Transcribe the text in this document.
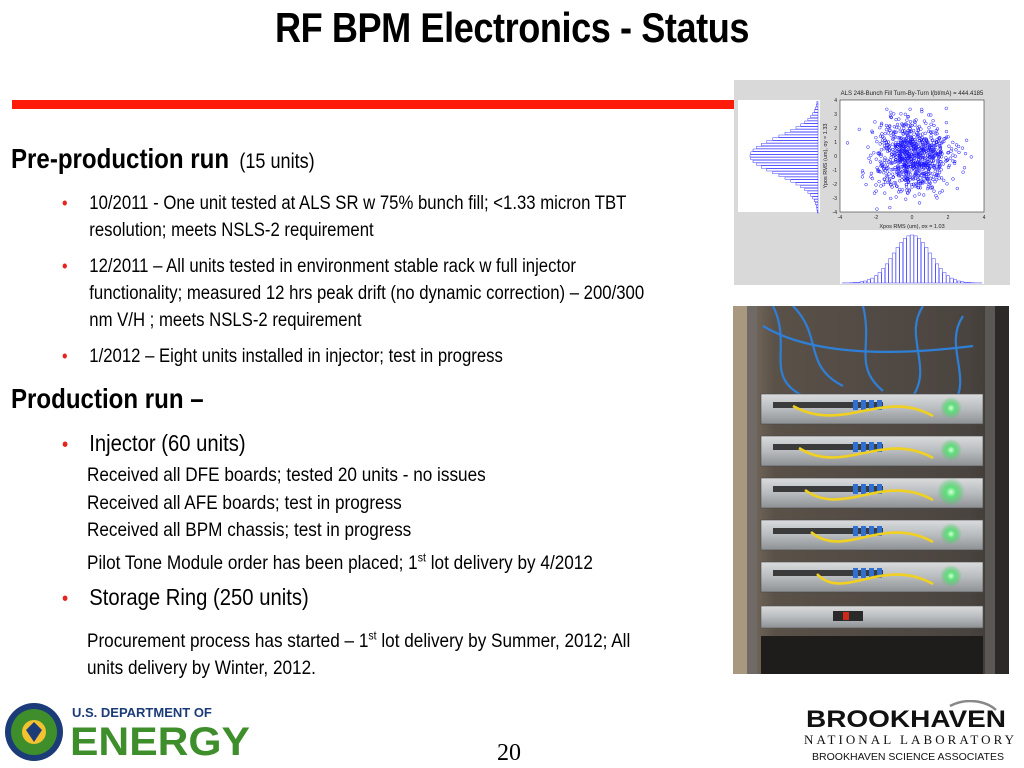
RF BPM Electronics - Status
Pre-production run (15 units)
• 10/2011 - One unit tested at ALS SR w 75% bunch fill; <1.33 micron TBT
resolution; meets NSLS-2 requirement
• 12/2011 – All units tested in environment stable rack w full injector
functionality; measured 12 hrs peak drift (no dynamic correction) – 200/300
nm V/H ; meets NSLS-2 requirement
• 1/2012 – Eight units installed in injector; test in progress
Production run –
• Injector (60 units)
Received all DFE boards; tested 20 units - no issues
Received all AFE boards; test in progress
Received all BPM chassis; test in progress
Pilot Tone Module order has been placed; 1st lot delivery by 4/2012
• Storage Ring (250 units)
Procurement process has started – 1st lot delivery by Summer, 2012; All
units delivery by Winter, 2012.
ALS 248-Bunch Fill Turn-By-Turn I(bl/mA) = 444.4185
4
3
2
1
0
-1
-2
-3
-4
-4	-2	0	2	4
Xpos RMS (um), σx = 1.03
Ypos RMS (um), σy = 1.33
U.S. DEPARTMENT OF
ENERGY	20
BROOKHAVEN
NATIONAL LABORATORY
BROOKHAVEN SCIENCE ASSOCIATES
